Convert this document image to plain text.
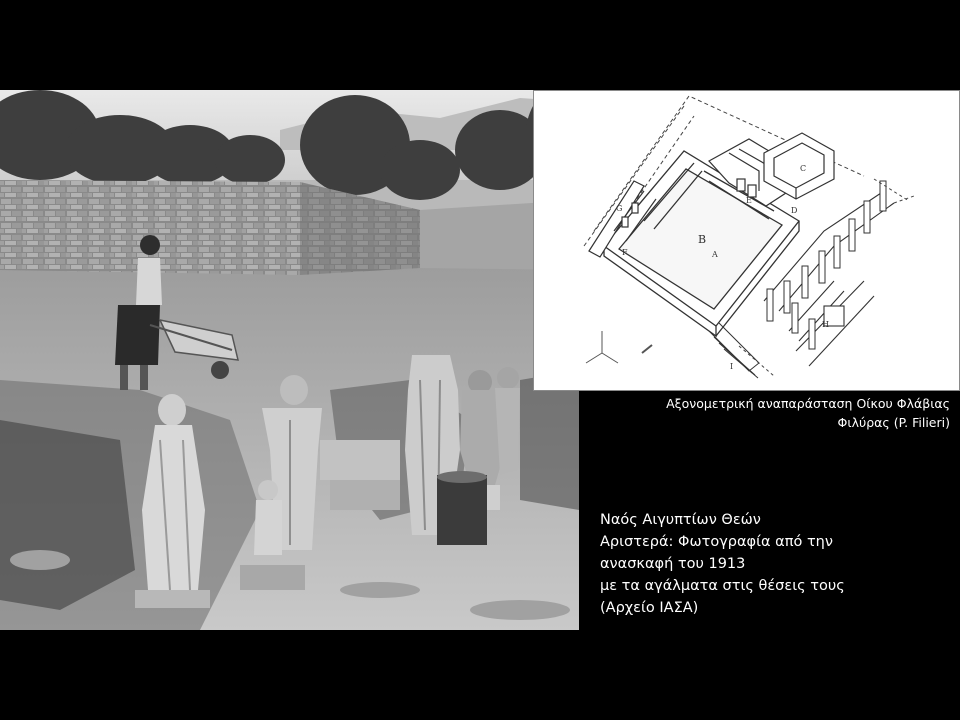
A
B
C
D
E
F
G
H
I
Αξονομετρική αναπαράσταση Οίκου Φλάβιας
Φιλύρας (P. Filieri)
Ναός Αιγυπτίων Θεών
Αριστερά: Φωτογραφία από την
ανασκαφή του 1913
με τα αγάλματα στις θέσεις τους
(Αρχείο ΙΑΣΑ)
